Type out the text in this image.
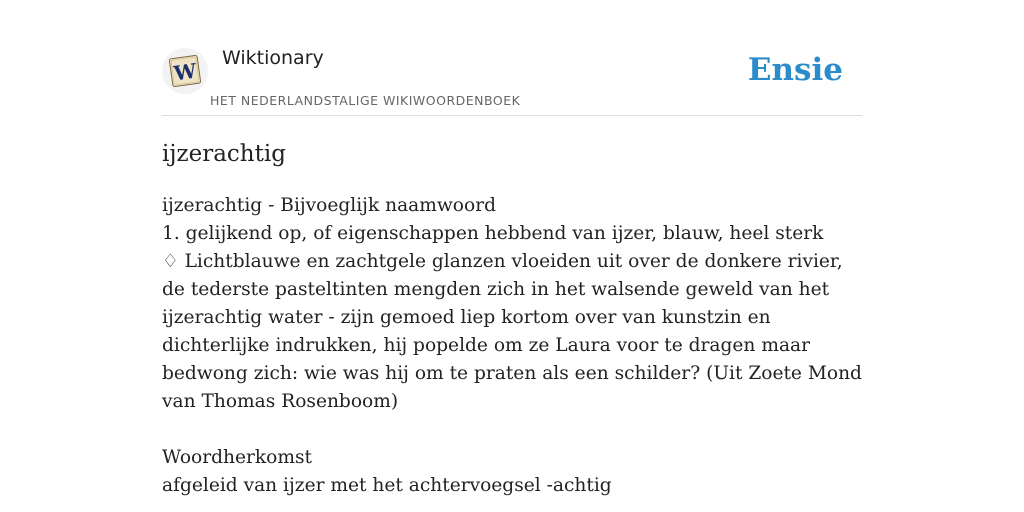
W
Wiktionary
HET NEDERLANDSTALIGE WIKIWOORDENBOEK
Ensie
ijzerachtig
ijzerachtig - Bijvoeglijk naamwoord
1. gelijkend op, of eigenschappen hebbend van ijzer, blauw, heel sterk
♢ Lichtblauwe en zachtgele glanzen vloeiden uit over de donkere rivier, de tederste pasteltinten mengden zich in het walsende geweld van het ijzerachtig water - zijn gemoed liep kortom over van kunstzin en dichterlijke indrukken, hij popelde om ze Laura voor te dragen maar bedwong zich: wie was hij om te praten als een schilder? (Uit Zoete Mond van Thomas Rosenboom)
Woordherkomst
afgeleid van ijzer met het achtervoegsel -achtig
